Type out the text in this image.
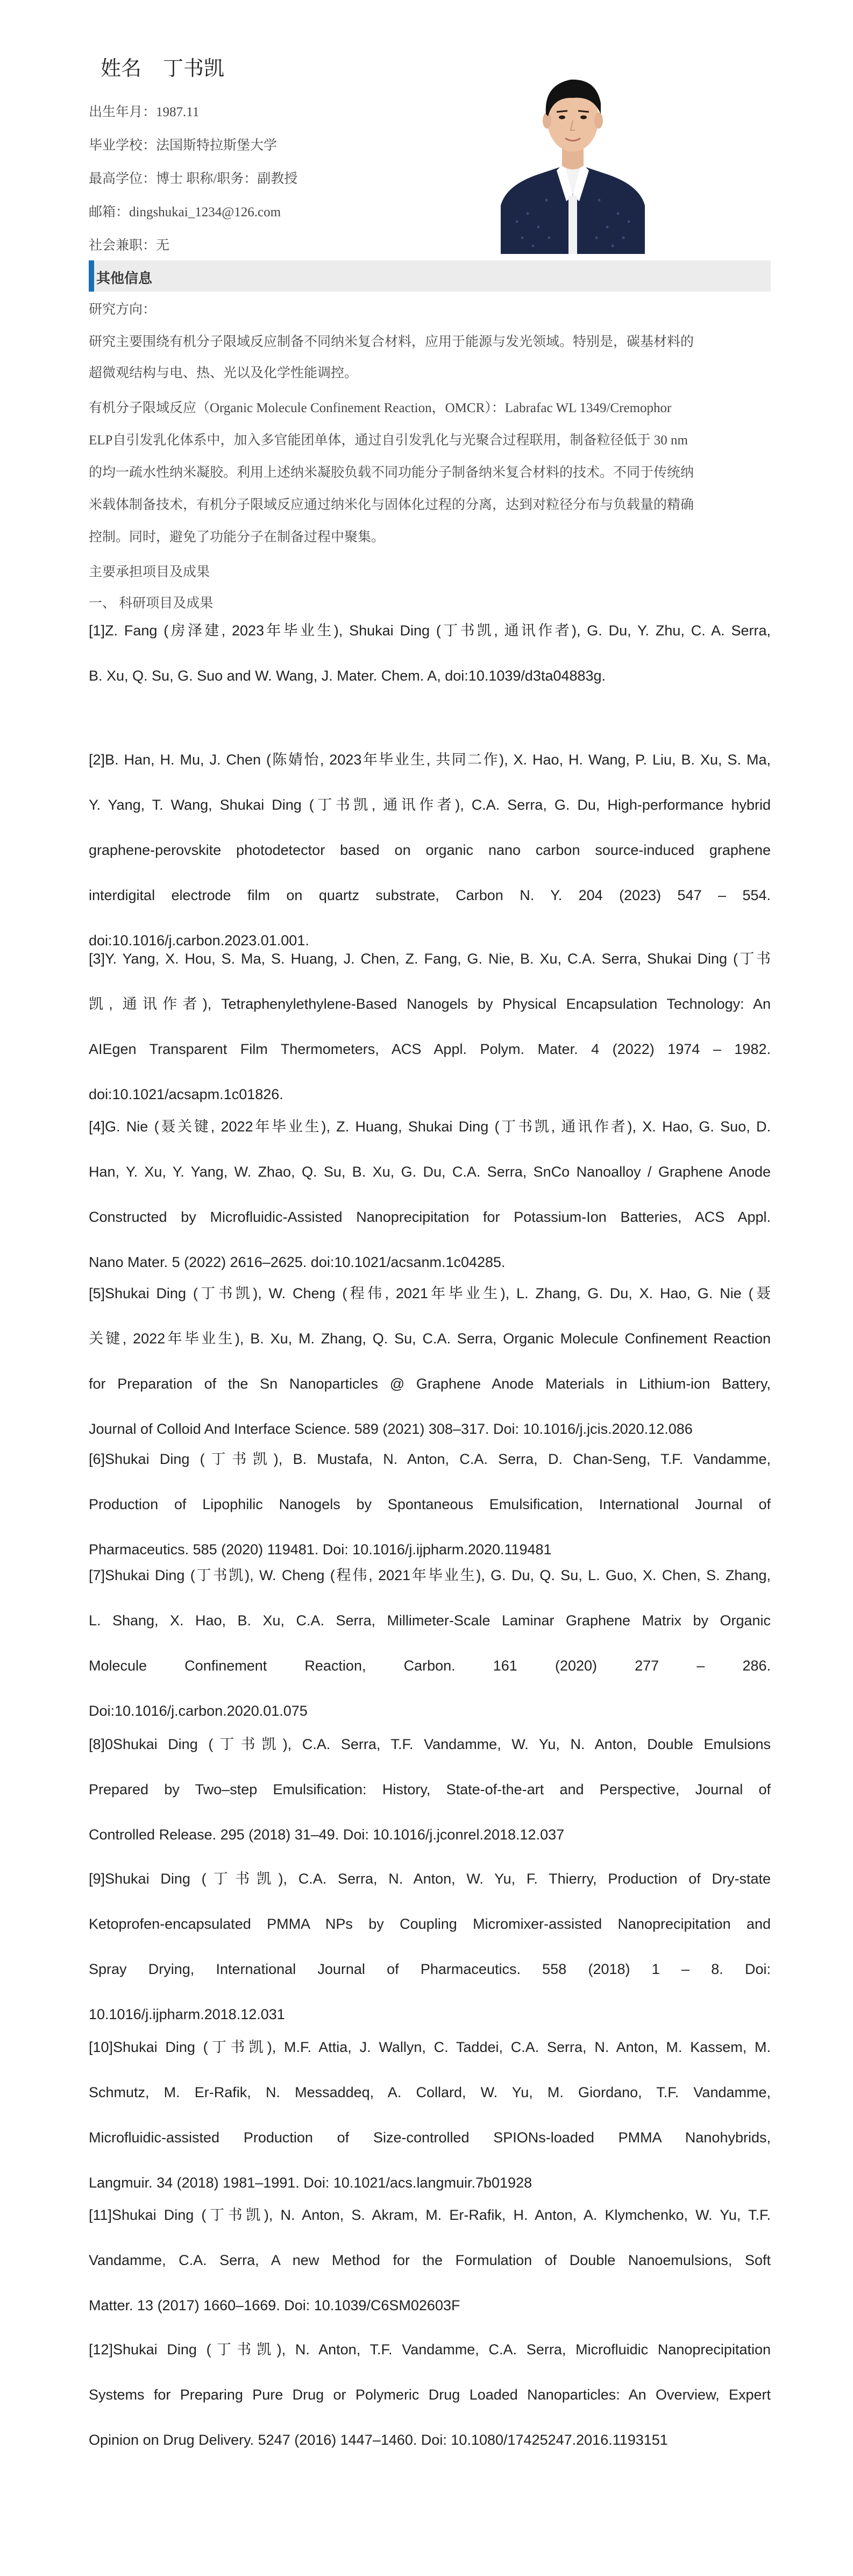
姓名 丁书凯
出生年月：1987.11
毕业学校：法国斯特拉斯堡大学
最高学位：博士 职称/职务：副教授
邮箱：dingshukai_1234@126.com
社会兼职：无
其他信息
研究方向：
研究主要围绕有机分子限域反应制备不同纳米复合材料，应用于能源与发光领域。特别是，碳基材料的
超微观结构与电、热、光以及化学性能调控。
有机分子限域反应（Organic Molecule Confinement Reaction，OMCR）：Labrafac WL 1349/Cremophor
ELP自引发乳化体系中，加入多官能团单体，通过自引发乳化与光聚合过程联用，制备粒径低于 30 nm
的均一疏水性纳米凝胶。利用上述纳米凝胶负载不同功能分子制备纳米复合材料的技术。不同于传统纳
米载体制备技术，有机分子限域反应通过纳米化与固体化过程的分离，达到对粒径分布与负载量的精确
控制。同时，避免了功能分子在制备过程中聚集。
主要承担项目及成果
一、 科研项目及成果
[1]Z. Fang (房泽建, 2023年毕业生), Shukai Ding (丁书凯, 通讯作者), G. Du, Y. Zhu, C. A. Serra,
B. Xu, Q. Su, G. Suo and W. Wang, J. Mater. Chem. A, doi:10.1039/d3ta04883g.
[2]B. Han, H. Mu, J. Chen (陈婧怡, 2023年毕业生, 共同二作), X. Hao, H. Wang, P. Liu, B. Xu, S. Ma,
Y. Yang, T. Wang, Shukai Ding (丁书凯, 通讯作者), C.A. Serra, G. Du, High-performance hybrid
graphene-perovskite photodetector based on organic nano carbon source-induced graphene
interdigital electrode film on quartz substrate, Carbon N. Y. 204 (2023) 547 – 554.
doi:10.1016/j.carbon.2023.01.001.
[3]Y. Yang, X. Hou, S. Ma, S. Huang, J. Chen, Z. Fang, G. Nie, B. Xu, C.A. Serra, Shukai Ding (丁书
凯, 通讯作者), Tetraphenylethylene-Based Nanogels by Physical Encapsulation Technology: An
AIEgen Transparent Film Thermometers, ACS Appl. Polym. Mater. 4 (2022) 1974 – 1982.
doi:10.1021/acsapm.1c01826.
[4]G. Nie (聂关键, 2022年毕业生), Z. Huang, Shukai Ding (丁书凯, 通讯作者), X. Hao, G. Suo, D.
Han, Y. Xu, Y. Yang, W. Zhao, Q. Su, B. Xu, G. Du, C.A. Serra, SnCo Nanoalloy / Graphene Anode
Constructed by Microfluidic-Assisted Nanoprecipitation for Potassium-Ion Batteries, ACS Appl.
Nano Mater. 5 (2022) 2616–2625. doi:10.1021/acsanm.1c04285.
[5]Shukai Ding (丁书凯), W. Cheng (程伟, 2021年毕业生), L. Zhang, G. Du, X. Hao, G. Nie (聂
关键, 2022年毕业生), B. Xu, M. Zhang, Q. Su, C.A. Serra, Organic Molecule Confinement Reaction
for Preparation of the Sn Nanoparticles @ Graphene Anode Materials in Lithium-ion Battery,
Journal of Colloid And Interface Science. 589 (2021) 308–317. Doi: 10.1016/j.jcis.2020.12.086
[6]Shukai Ding (丁书凯), B. Mustafa, N. Anton, C.A. Serra, D. Chan-Seng, T.F. Vandamme,
Production of Lipophilic Nanogels by Spontaneous Emulsification, International Journal of
Pharmaceutics. 585 (2020) 119481. Doi: 10.1016/j.ijpharm.2020.119481
[7]Shukai Ding (丁书凯), W. Cheng (程伟, 2021年毕业生), G. Du, Q. Su, L. Guo, X. Chen, S. Zhang,
L. Shang, X. Hao, B. Xu, C.A. Serra, Millimeter-Scale Laminar Graphene Matrix by Organic
Molecule Confinement Reaction, Carbon. 161 (2020) 277 – 286.
Doi:10.1016/j.carbon.2020.01.075
[8]0Shukai Ding (丁书凯), C.A. Serra, T.F. Vandamme, W. Yu, N. Anton, Double Emulsions
Prepared by Two–step Emulsification: History, State-of-the-art and Perspective, Journal of
Controlled Release. 295 (2018) 31–49. Doi: 10.1016/j.jconrel.2018.12.037
[9]Shukai Ding (丁书凯), C.A. Serra, N. Anton, W. Yu, F. Thierry, Production of Dry-state
Ketoprofen-encapsulated PMMA NPs by Coupling Micromixer-assisted Nanoprecipitation and
Spray Drying, International Journal of Pharmaceutics. 558 (2018) 1 – 8. Doi:
10.1016/j.ijpharm.2018.12.031
[10]Shukai Ding (丁书凯), M.F. Attia, J. Wallyn, C. Taddei, C.A. Serra, N. Anton, M. Kassem, M.
Schmutz, M. Er-Rafik, N. Messaddeq, A. Collard, W. Yu, M. Giordano, T.F. Vandamme,
Microfluidic-assisted Production of Size-controlled SPIONs-loaded PMMA Nanohybrids,
Langmuir. 34 (2018) 1981–1991. Doi: 10.1021/acs.langmuir.7b01928
[11]Shukai Ding (丁书凯), N. Anton, S. Akram, M. Er-Rafik, H. Anton, A. Klymchenko, W. Yu, T.F.
Vandamme, C.A. Serra, A new Method for the Formulation of Double Nanoemulsions, Soft
Matter. 13 (2017) 1660–1669. Doi: 10.1039/C6SM02603F
[12]Shukai Ding (丁书凯), N. Anton, T.F. Vandamme, C.A. Serra, Microfluidic Nanoprecipitation
Systems for Preparing Pure Drug or Polymeric Drug Loaded Nanoparticles: An Overview, Expert
Opinion on Drug Delivery. 5247 (2016) 1447–1460. Doi: 10.1080/17425247.2016.1193151
